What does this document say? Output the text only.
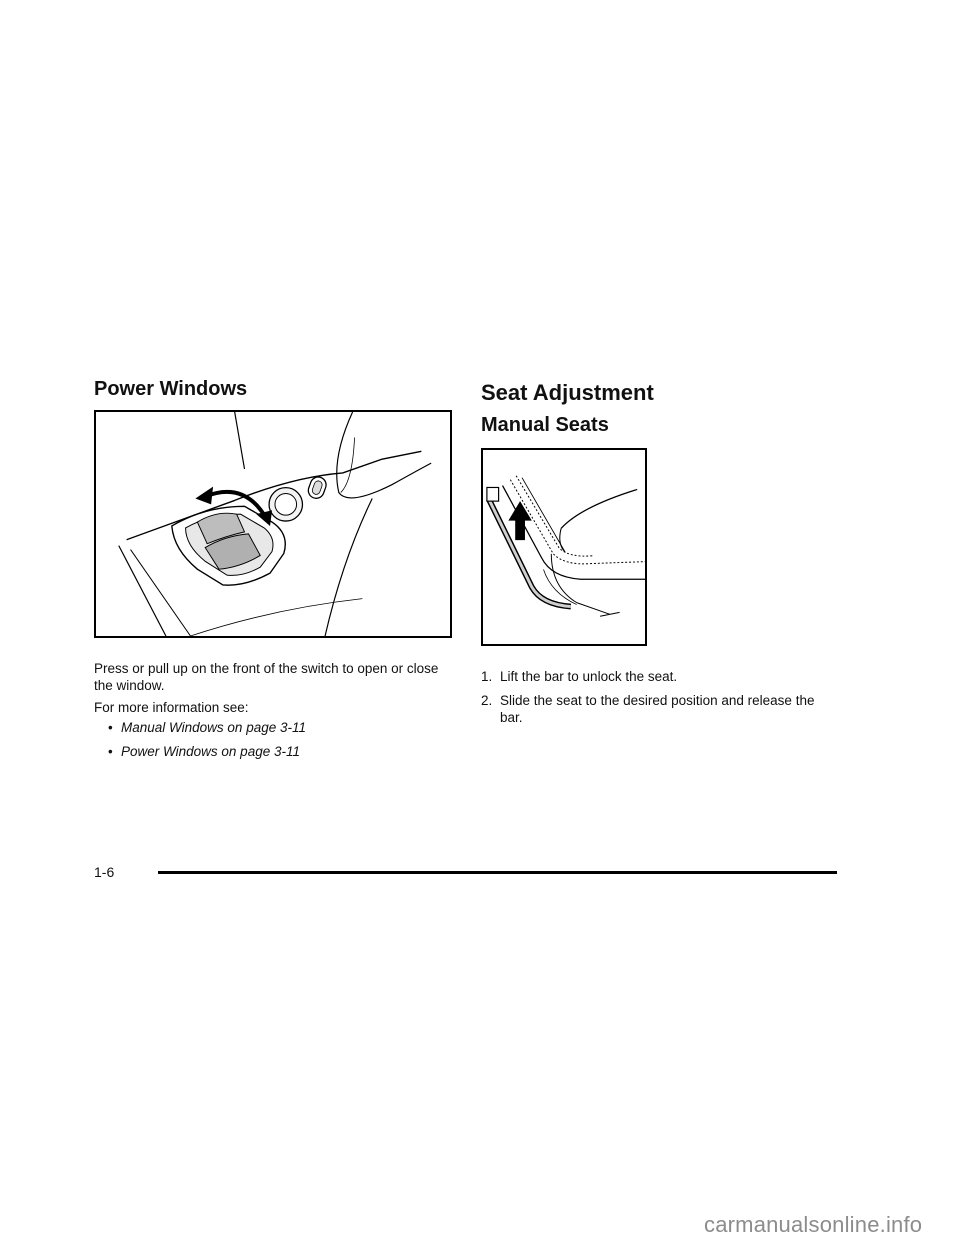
Power Windows

Press or pull up on the front of the switch to open or close the window.

For more information see:

• Manual Windows on page 3-11
• Power Windows on page 3-11
Seat Adjustment
Manual Seats
1. Lift the bar to unlock the seat.
2. Slide the seat to the desired position and release the bar.
1-6
carmanualsonline.info
